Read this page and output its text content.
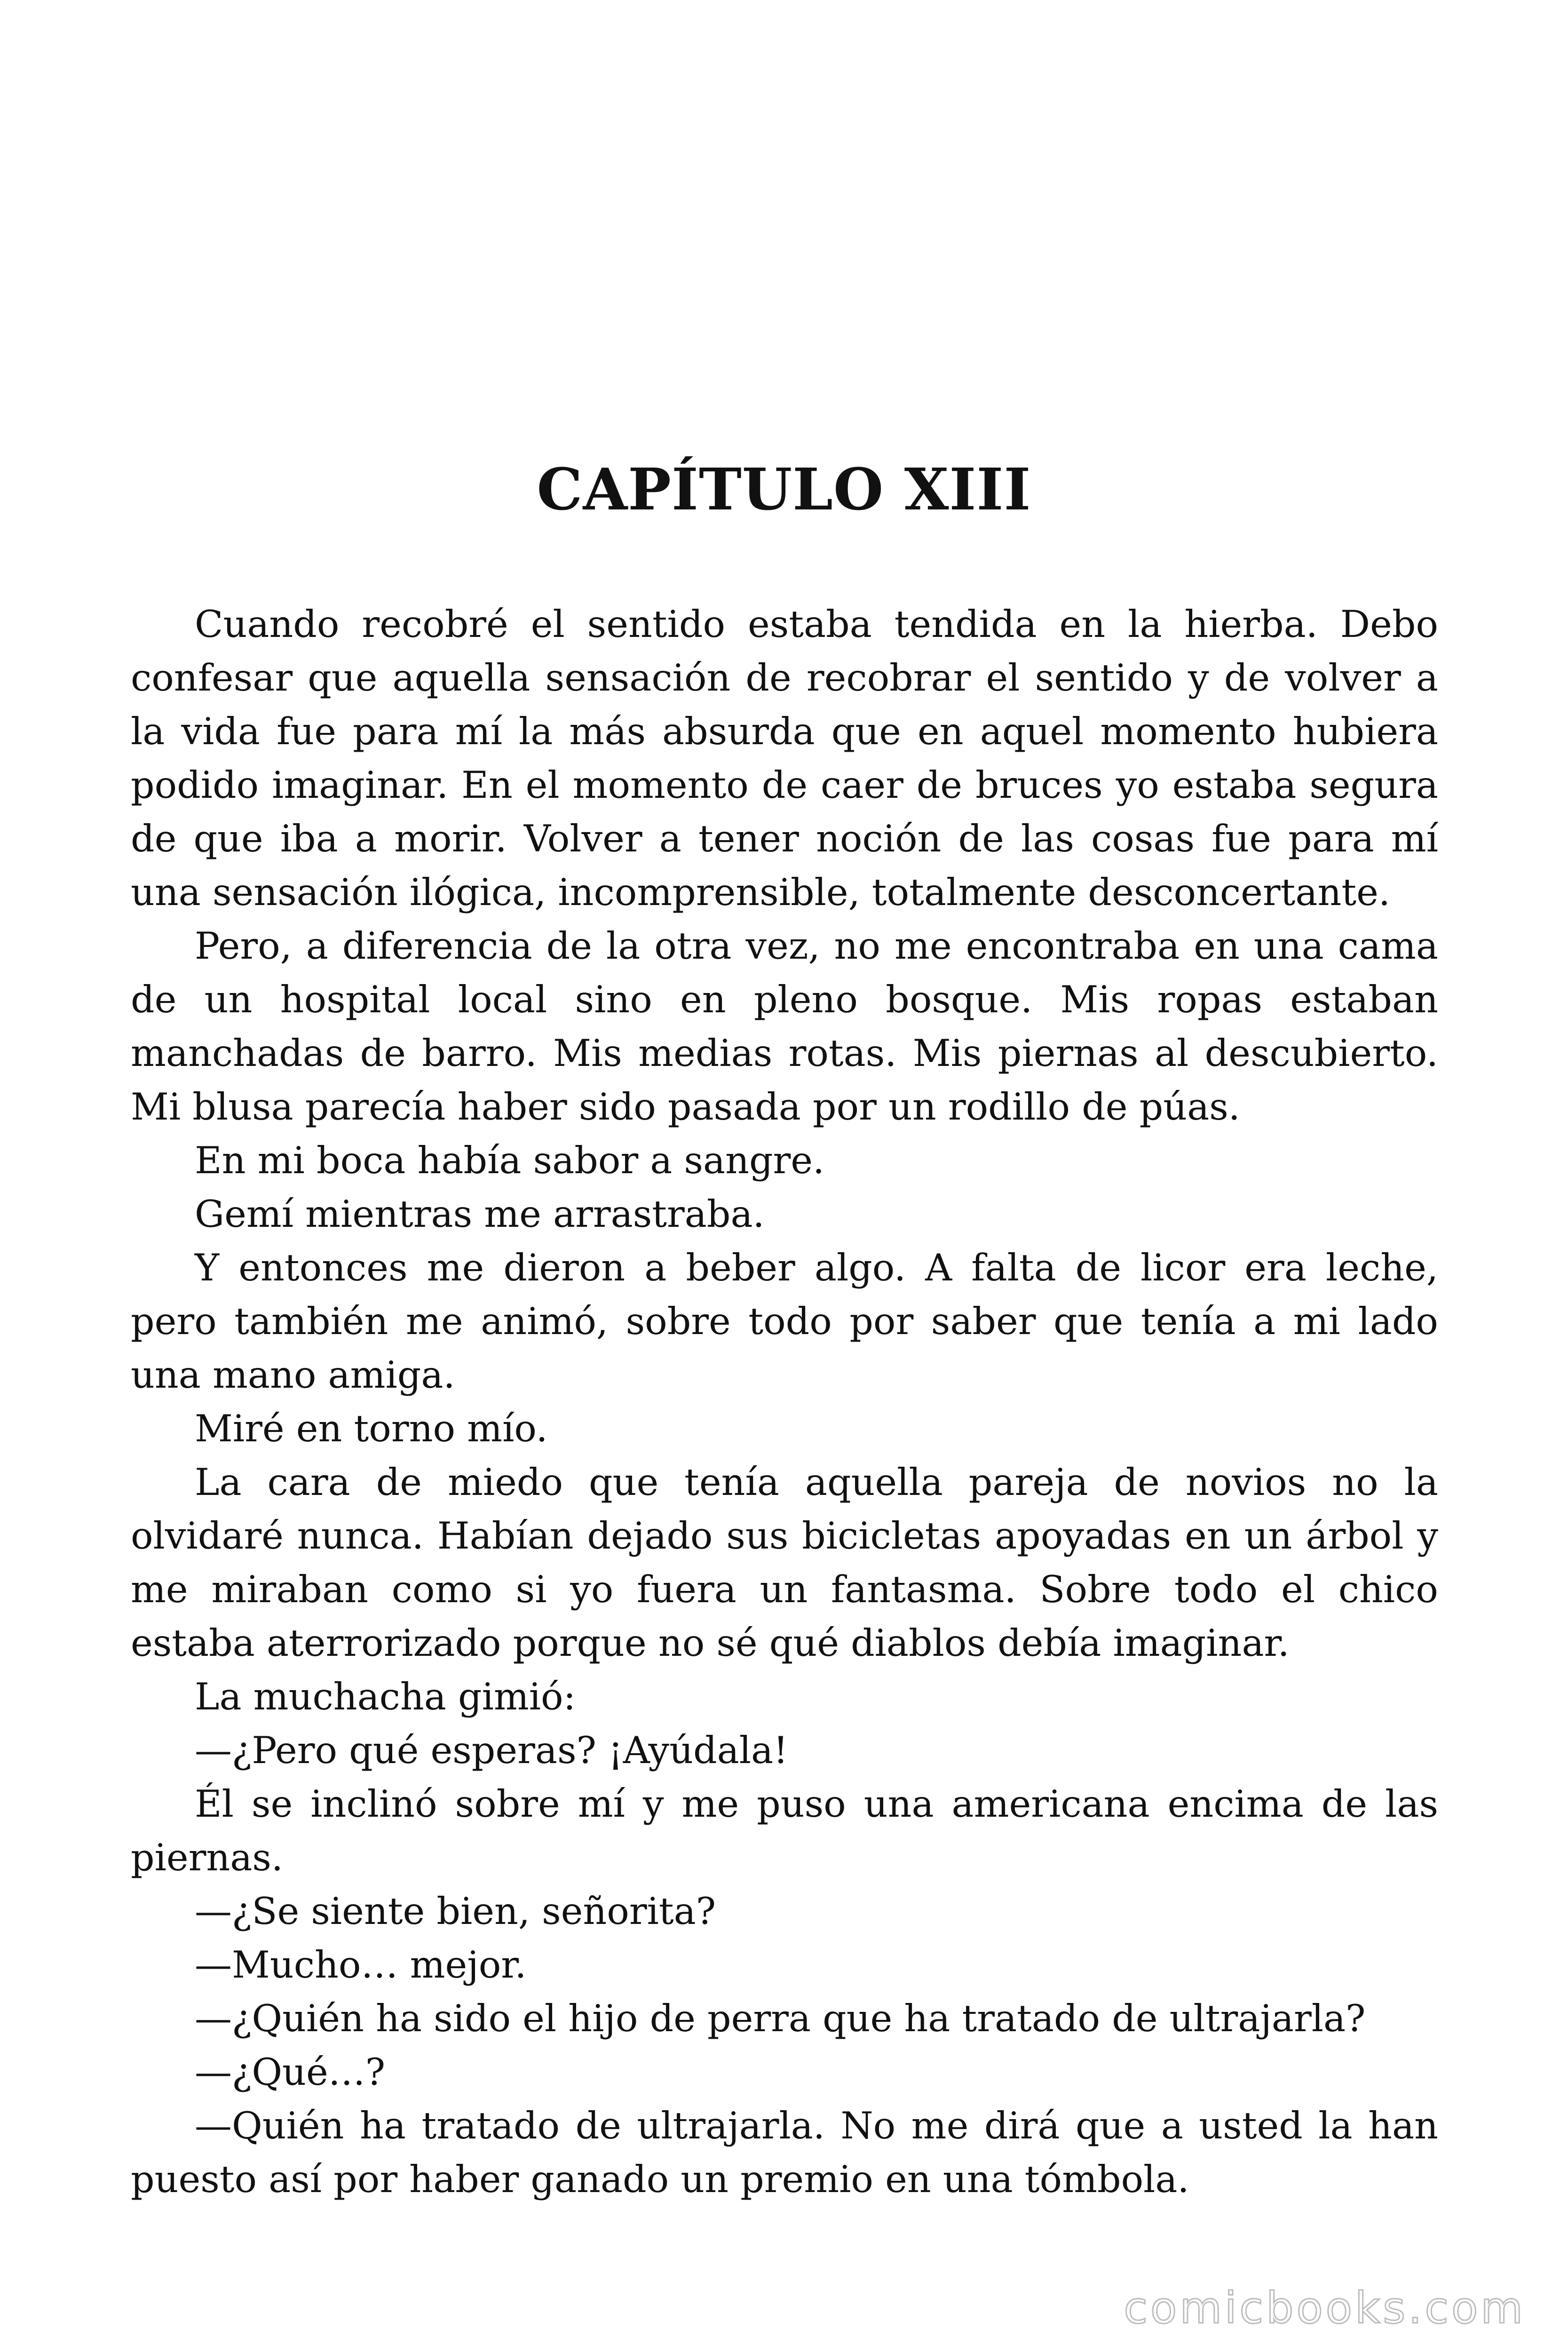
CAPÍTULO XIII

Cuando recobré el sentido estaba tendida en la hierba. Debo confesar que aquella sensación de recobrar el sentido y de volver a la vida fue para mí la más absurda que en aquel momento hubiera podido imaginar. En el momento de caer de bruces yo estaba segura de que iba a morir. Volver a tener noción de las cosas fue para mí una sensación ilógica, incomprensible, totalmente desconcertante.

Pero, a diferencia de la otra vez, no me encontraba en una cama de un hospital local sino en pleno bosque. Mis ropas estaban manchadas de barro. Mis medias rotas. Mis piernas al descubierto. Mi blusa parecía haber sido pasada por un rodillo de púas.

En mi boca había sabor a sangre.

Gemí mientras me arrastraba.

Y entonces me dieron a beber algo. A falta de licor era leche, pero también me animó, sobre todo por saber que tenía a mi lado una mano amiga.

Miré en torno mío.

La cara de miedo que tenía aquella pareja de novios no la olvidaré nunca. Habían dejado sus bicicletas apoyadas en un árbol y me miraban como si yo fuera un fantasma. Sobre todo el chico estaba aterrorizado porque no sé qué diablos debía imaginar.

La muchacha gimió:

—¿Pero qué esperas? ¡Ayúdala!

Él se inclinó sobre mí y me puso una americana encima de las piernas.

—¿Se siente bien, señorita?

—Mucho… mejor.

—¿Quién ha sido el hijo de perra que ha tratado de ultrajarla?

—¿Qué…?

—Quién ha tratado de ultrajarla. No me dirá que a usted la han puesto así por haber ganado un premio en una tómbola.

comicbooks.com
